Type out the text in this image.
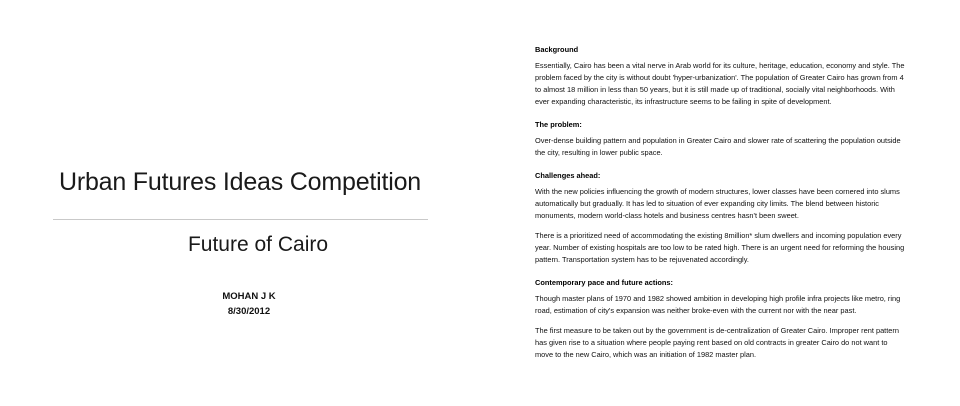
Urban Futures Ideas Competition
Future of Cairo
MOHAN J K
8/30/2012
Background

Essentially, Cairo has been a vital nerve in Arab world for its culture, heritage, education, economy and style. The problem faced by the city is without doubt 'hyper-urbanization'. The population of Greater Cairo has grown from 4 to almost 18 million in less than 50 years, but it is still made up of traditional, socially vital neighborhoods. With ever expanding characteristic, its infrastructure seems to be failing in spite of development.

The problem:

Over-dense building pattern and population in Greater Cairo and slower rate of scattering the population outside the city, resulting in lower public space.

Challenges ahead:

With the new policies influencing the growth of modern structures, lower classes have been cornered into slums automatically but gradually. It has led to situation of ever expanding city limits. The blend between historic monuments, modern world-class hotels and business centres hasn't been sweet.

There is a prioritized need of accommodating the existing 8million* slum dwellers and incoming population every year. Number of existing hospitals are too low to be rated high. There is an urgent need for reforming the housing pattern. Transportation system has to be rejuvenated accordingly.

Contemporary pace and future actions:

Though master plans of 1970 and 1982 showed ambition in developing high profile infra projects like metro, ring road, estimation of city's expansion was neither broke-even with the current nor with the near past.

The first measure to be taken out by the government is de-centralization of Greater Cairo. Improper rent pattern has given rise to a situation where people paying rent based on old contracts in greater Cairo do not want to move to the new Cairo, which was an initiation of 1982 master plan.
